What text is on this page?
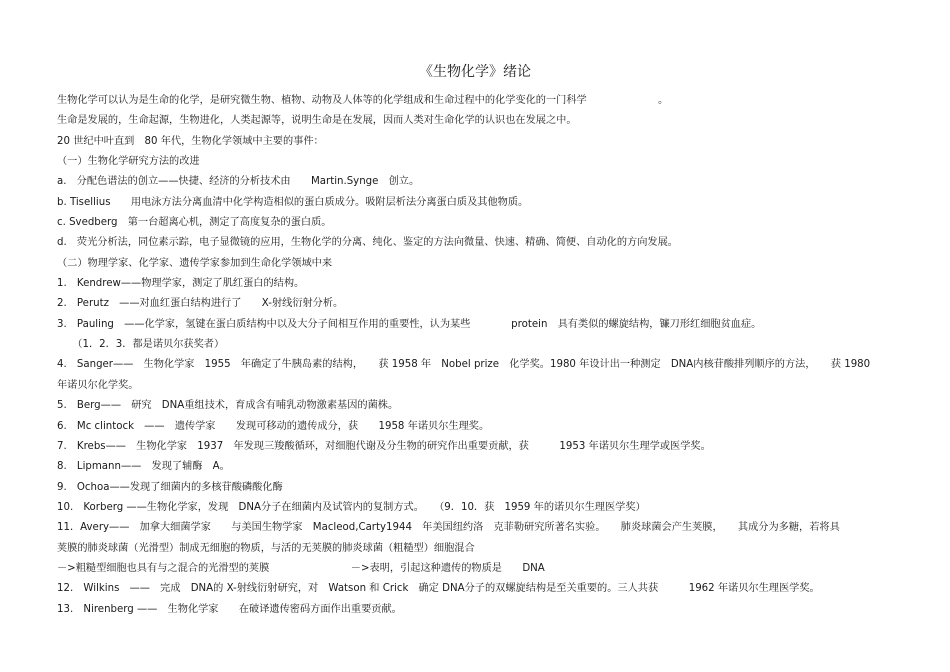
《生物化学》绪论
生物化学可以认为是生命的化学，是研究微生物、植物、动物及人体等的化学组成和生命过程中的化学变化的一门科学　　　　　　　。
生命是发展的，生命起源，生物进化，人类起源等，说明生命是在发展，因而人类对生命化学的认识也在发展之中。
20 世纪中叶直到　80 年代，生物化学领域中主要的事件：
（一）生物化学研究方法的改进
a.　分配色谱法的创立——快捷、经济的分析技术由　　Martin.Synge　创立。
b. Tisellius　　用电泳方法分离血清中化学构造相似的蛋白质成分。吸附层析法分离蛋白质及其他物质。
c. Svedberg　第一台超离心机，测定了高度复杂的蛋白质。
d.　荧光分析法，同位素示踪，电子显微镜的应用，生物化学的分离、纯化、鉴定的方法向微量、快速、精确、简便、自动化的方向发展。
（二）物理学家、化学家、遗传学家参加到生命化学领域中来
1.　Kendrew——物理学家，测定了肌红蛋白的结构。
2.　Perutz　——对血红蛋白结构进行了　　X-射线衍射分析。
3.　Pauling　——化学家，氢键在蛋白质结构中以及大分子间相互作用的重要性，认为某些　　　　protein　具有类似的螺旋结构，镰刀形红细胞贫血症。
　　（1．2．3．都是诺贝尔获奖者）
4.　Sanger——　生物化学家　1955　年确定了牛胰岛素的结构，　　获 1958 年　Nobel prize　化学奖。1980 年设计出一种测定　DNA内核苷酸排列顺序的方法，　　获 1980
年诺贝尔化学奖。
5.　Berg——　研究　DNA重组技术，育成含有哺乳动物激素基因的菌株。
6.　Mc clintock　——　遗传学家　　发现可移动的遗传成分，获　　1958 年诺贝尔生理奖。
7.　Krebs——　生物化学家　1937　年发现三羧酸循环，对细胞代谢及分生物的研究作出重要贡献，获　　　1953 年诺贝尔生理学或医学奖。
8.　Lipmann——　发现了辅酶　A。
9.　Ochoa——发现了细菌内的多核苷酸磷酸化酶
10.　Korberg ——生物化学家，发现　DNA分子在细菌内及试管内的复制方式。　　（9．10．获　1959 年的诺贝尔生理医学奖）
11．Avery——　加拿大细菌学家　　与美国生物学家　Macleod,Carty1944　年美国纽约洛　克菲勒研究所著名实验。　　肺炎球菌会产生荚膜，　　其成分为多糖，若将具
荚膜的肺炎球菌（光滑型）制成无细胞的物质，与活的无荚膜的肺炎球菌（粗糙型）细胞混合
－>粗糙型细胞也具有与之混合的光滑型的荚膜　　　　　　　　－>表明，引起这种遗传的物质是　　DNA
12.　Wilkins　——　完成　DNA的 X-射线衍射研究，对　Watson 和 Crick　确定 DNA分子的双螺旋结构是至关重要的。三人共获　　　1962 年诺贝尔生理医学奖。
13.　Nirenberg ——　生物化学家　　在破译遗传密码方面作出重要贡献。
